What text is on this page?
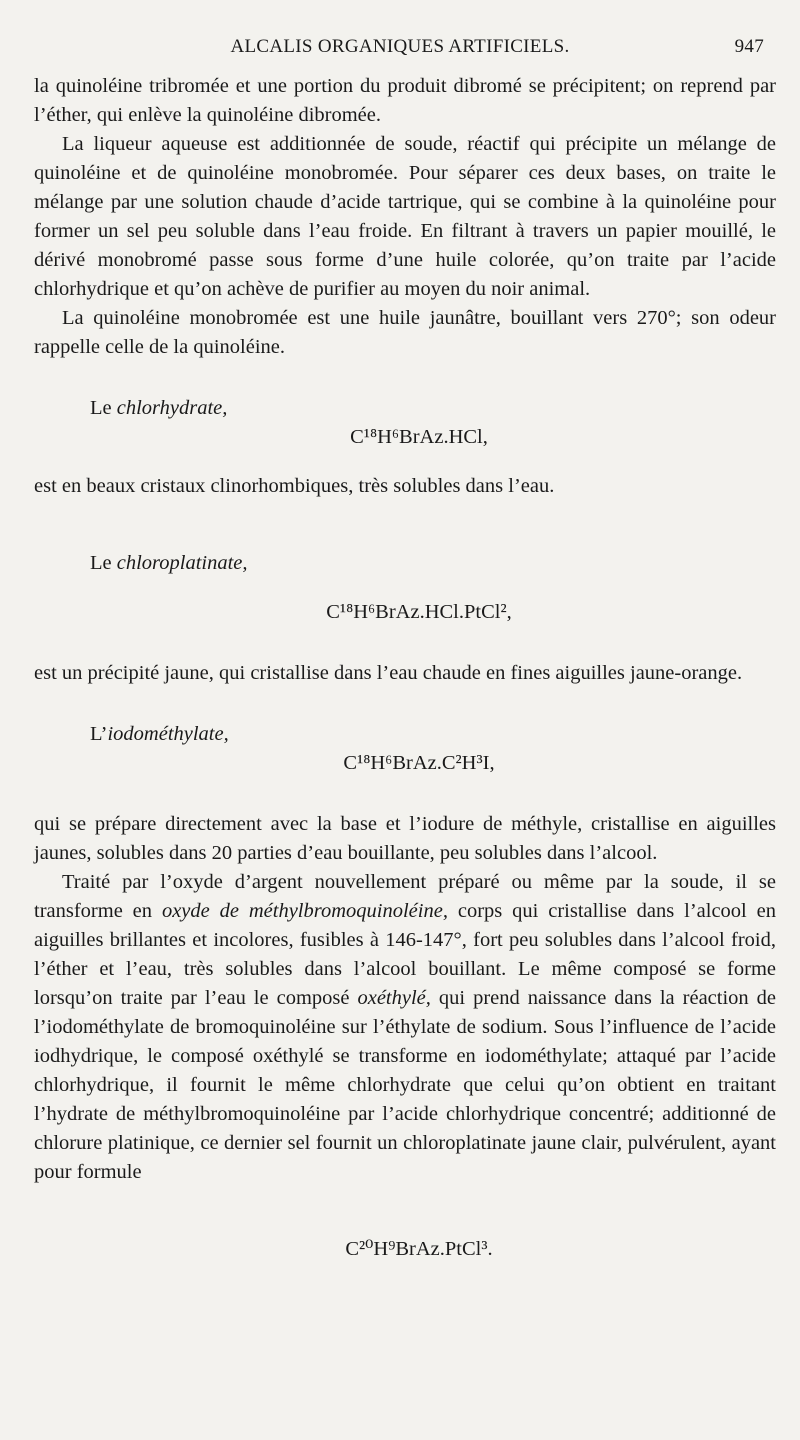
ALCALIS ORGANIQUES ARTIFICIELS.	947

la quinoléine tribromée et une portion du produit dibromé se précipitent; on reprend par l’éther, qui enlève la quinoléine dibromée.

La liqueur aqueuse est additionnée de soude, réactif qui précipite un mélange de quinoléine et de quinoléine monobromée. Pour séparer ces deux bases, on traite le mélange par une solution chaude d’acide tartrique, qui se combine à la quinoléine pour former un sel peu soluble dans l’eau froide. En filtrant à travers un papier mouillé, le dérivé monobromé passe sous forme d’une huile colorée, qu’on traite par l’acide chlorhydrique et qu’on achève de purifier au moyen du noir animal.

La quinoléine monobromée est une huile jaunâtre, bouillant vers 270°; son odeur rappelle celle de la quinoléine.

Le chlorhydrate,

C¹⁸H⁶BrAz.HCl,

est en beaux cristaux clinorhombiques, très solubles dans l’eau.

Le chloroplatinate,

C¹⁸H⁶BrAz.HCl.PtCl²,

est un précipité jaune, qui cristallise dans l’eau chaude en fines aiguilles jaune-orange.

L’iodométhylate,

C¹⁸H⁶BrAz.C²H³I,

qui se prépare directement avec la base et l’iodure de méthyle, cristallise en aiguilles jaunes, solubles dans 20 parties d’eau bouillante, peu solubles dans l’alcool.

Traité par l’oxyde d’argent nouvellement préparé ou même par la soude, il se transforme en oxyde de méthylbromoquinoléine, corps qui cristallise dans l’alcool en aiguilles brillantes et incolores, fusibles à 146-147°, fort peu solubles dans l’alcool froid, l’éther et l’eau, très solubles dans l’alcool bouillant. Le même composé se forme lorsqu’on traite par l’eau le composé oxéthylé, qui prend naissance dans la réaction de l’iodométhylate de bromoquinoléine sur l’éthylate de sodium. Sous l’influence de l’acide iodhydrique, le composé oxéthylé se transforme en iodométhylate; attaqué par l’acide chlorhydrique, il fournit le même chlorhydrate que celui qu’on obtient en traitant l’hydrate de méthylbromoquinoléine par l’acide chlorhydrique concentré; additionné de chlorure platinique, ce dernier sel fournit un chloroplatinate jaune clair, pulvérulent, ayant pour formule

C²⁰H⁹BrAz.PtCl³.
